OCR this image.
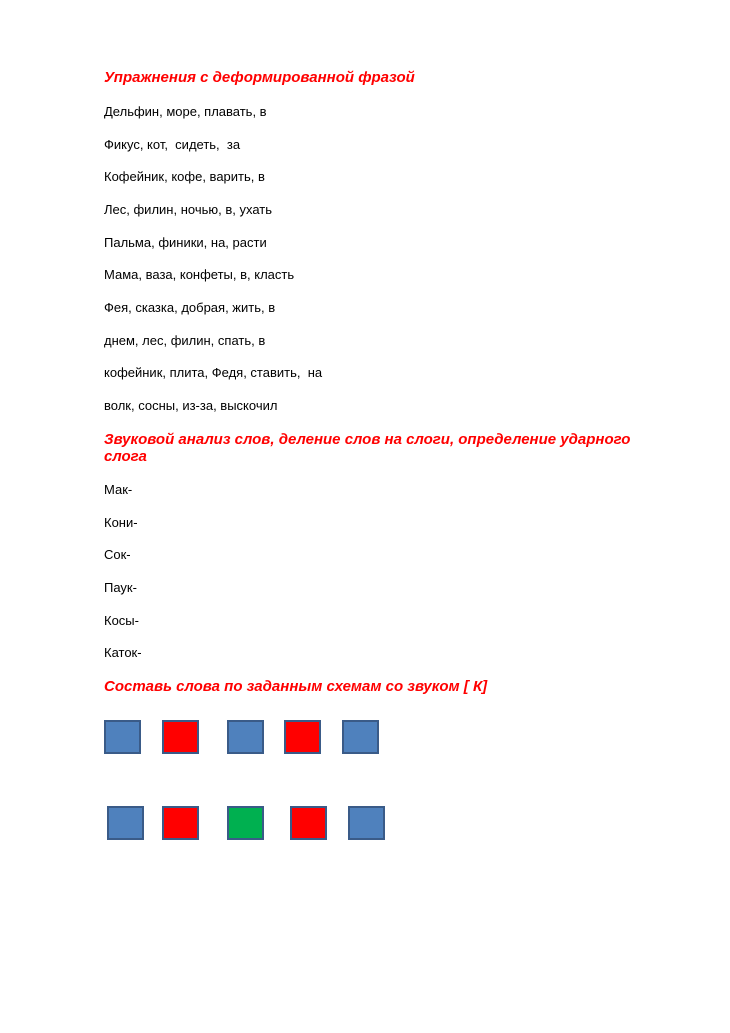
Упражнения с деформированной фразой
Дельфин, море, плавать, в
Фикус, кот,  сидеть,  за
Кофейник, кофе, варить, в
Лес, филин, ночью, в, ухать
Пальма, финики, на, расти
Мама, ваза, конфеты, в, класть
Фея, сказка, добрая, жить, в
днем, лес, филин, спать, в
кофейник, плита, Федя, ставить,  на
волк, сосны, из-за, выскочил
Звуковой анализ слов, деление слов на слоги, определение ударного
слога
Мак-
Кони-
Сок-
Паук-
Косы-
Каток-
Составь слова по заданным схемам со звуком [ К]
